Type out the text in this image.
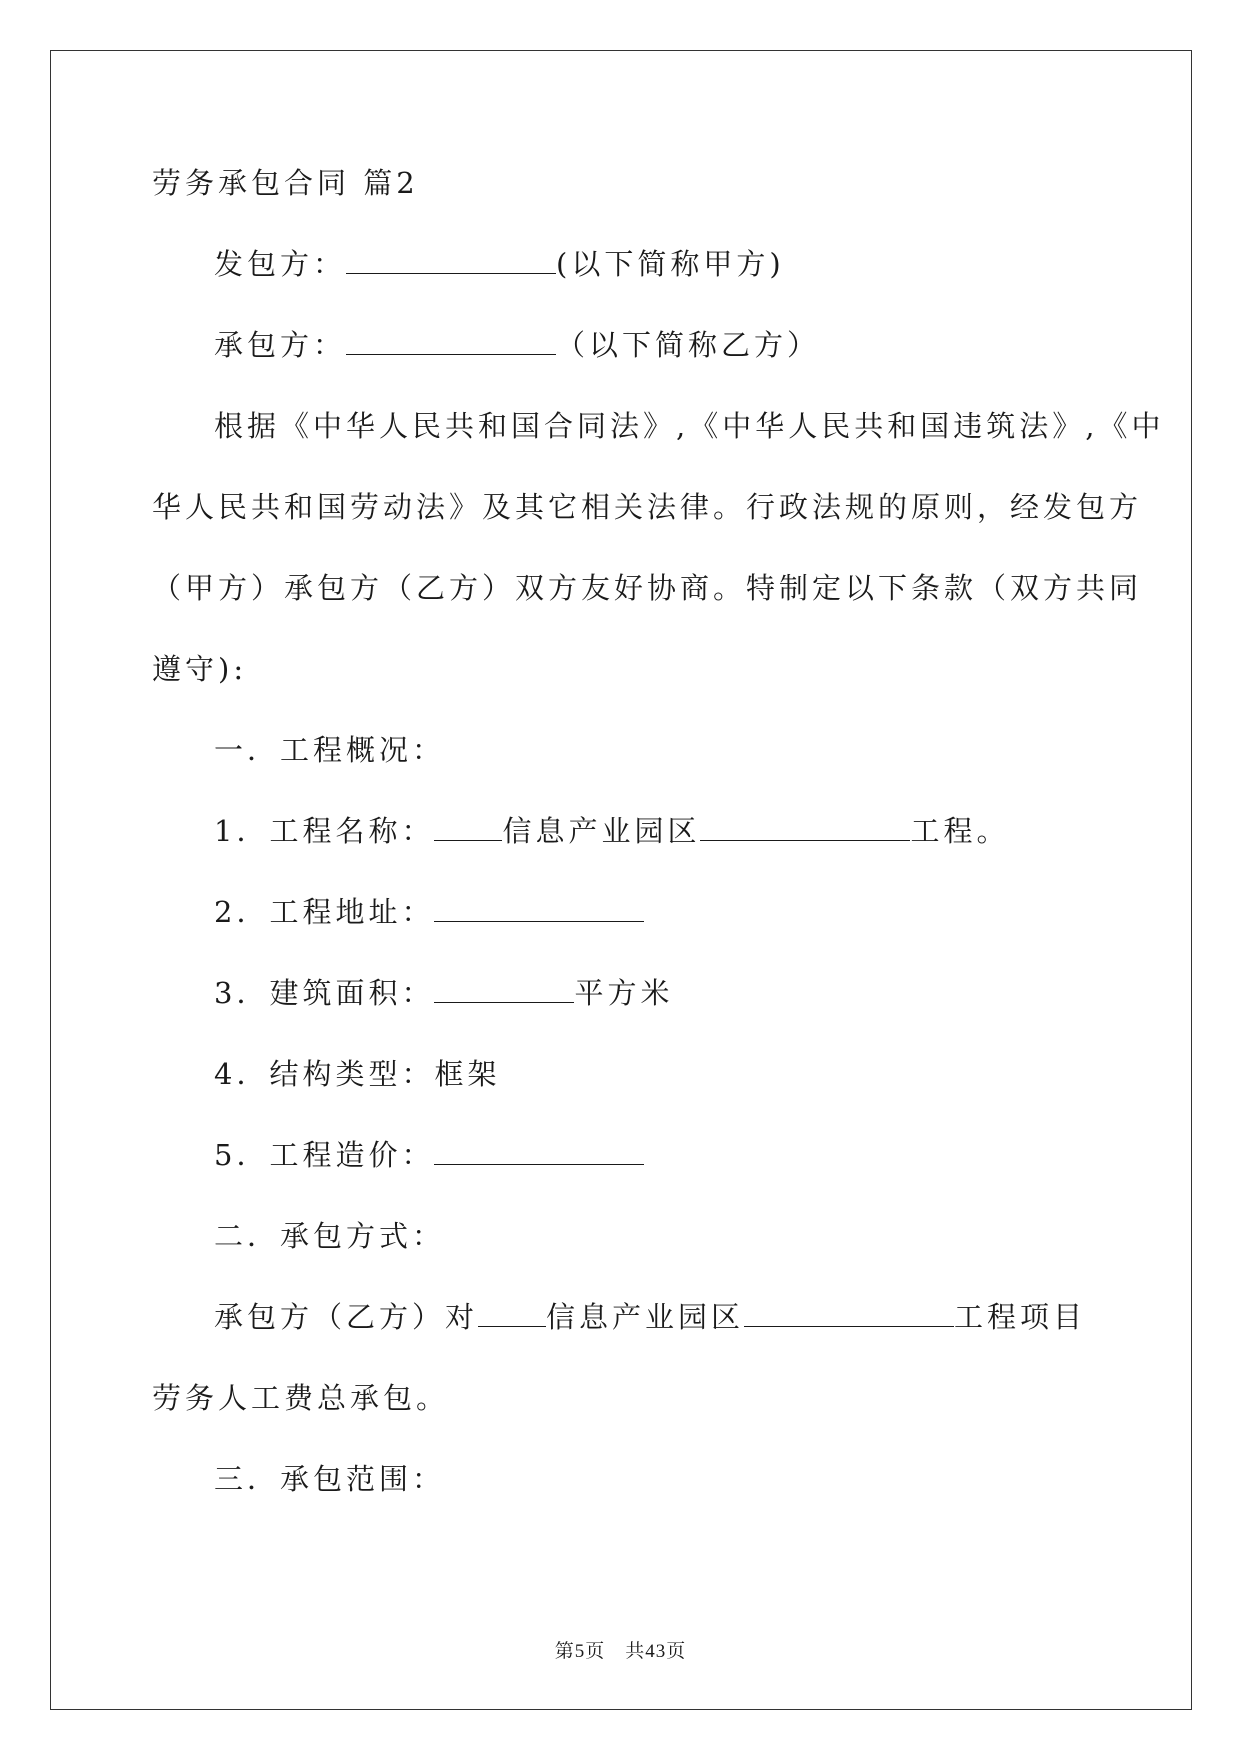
劳务承包合同 篇2

发包方：	(以下简称甲方)

承包方：	（以下简称乙方）

根据《中华人民共和国合同法》,《中华人民共和国违筑法》,《中

华人民共和国劳动法》及其它相关法律。行政法规的原则，经发包方

（甲方）承包方（乙方）双方友好协商。特制定以下条款（双方共同

遵守):

一．工程概况：

1．工程名称： 信息产业园区	工程。

2．工程地址：

3．建筑面积：	平方米

4．结构类型：框架

5．工程造价：

二．承包方式：

承包方（乙方）对 信息产业园区	工程项目

劳务人工费总承包。

三．承包范围：

第5页　共43页
